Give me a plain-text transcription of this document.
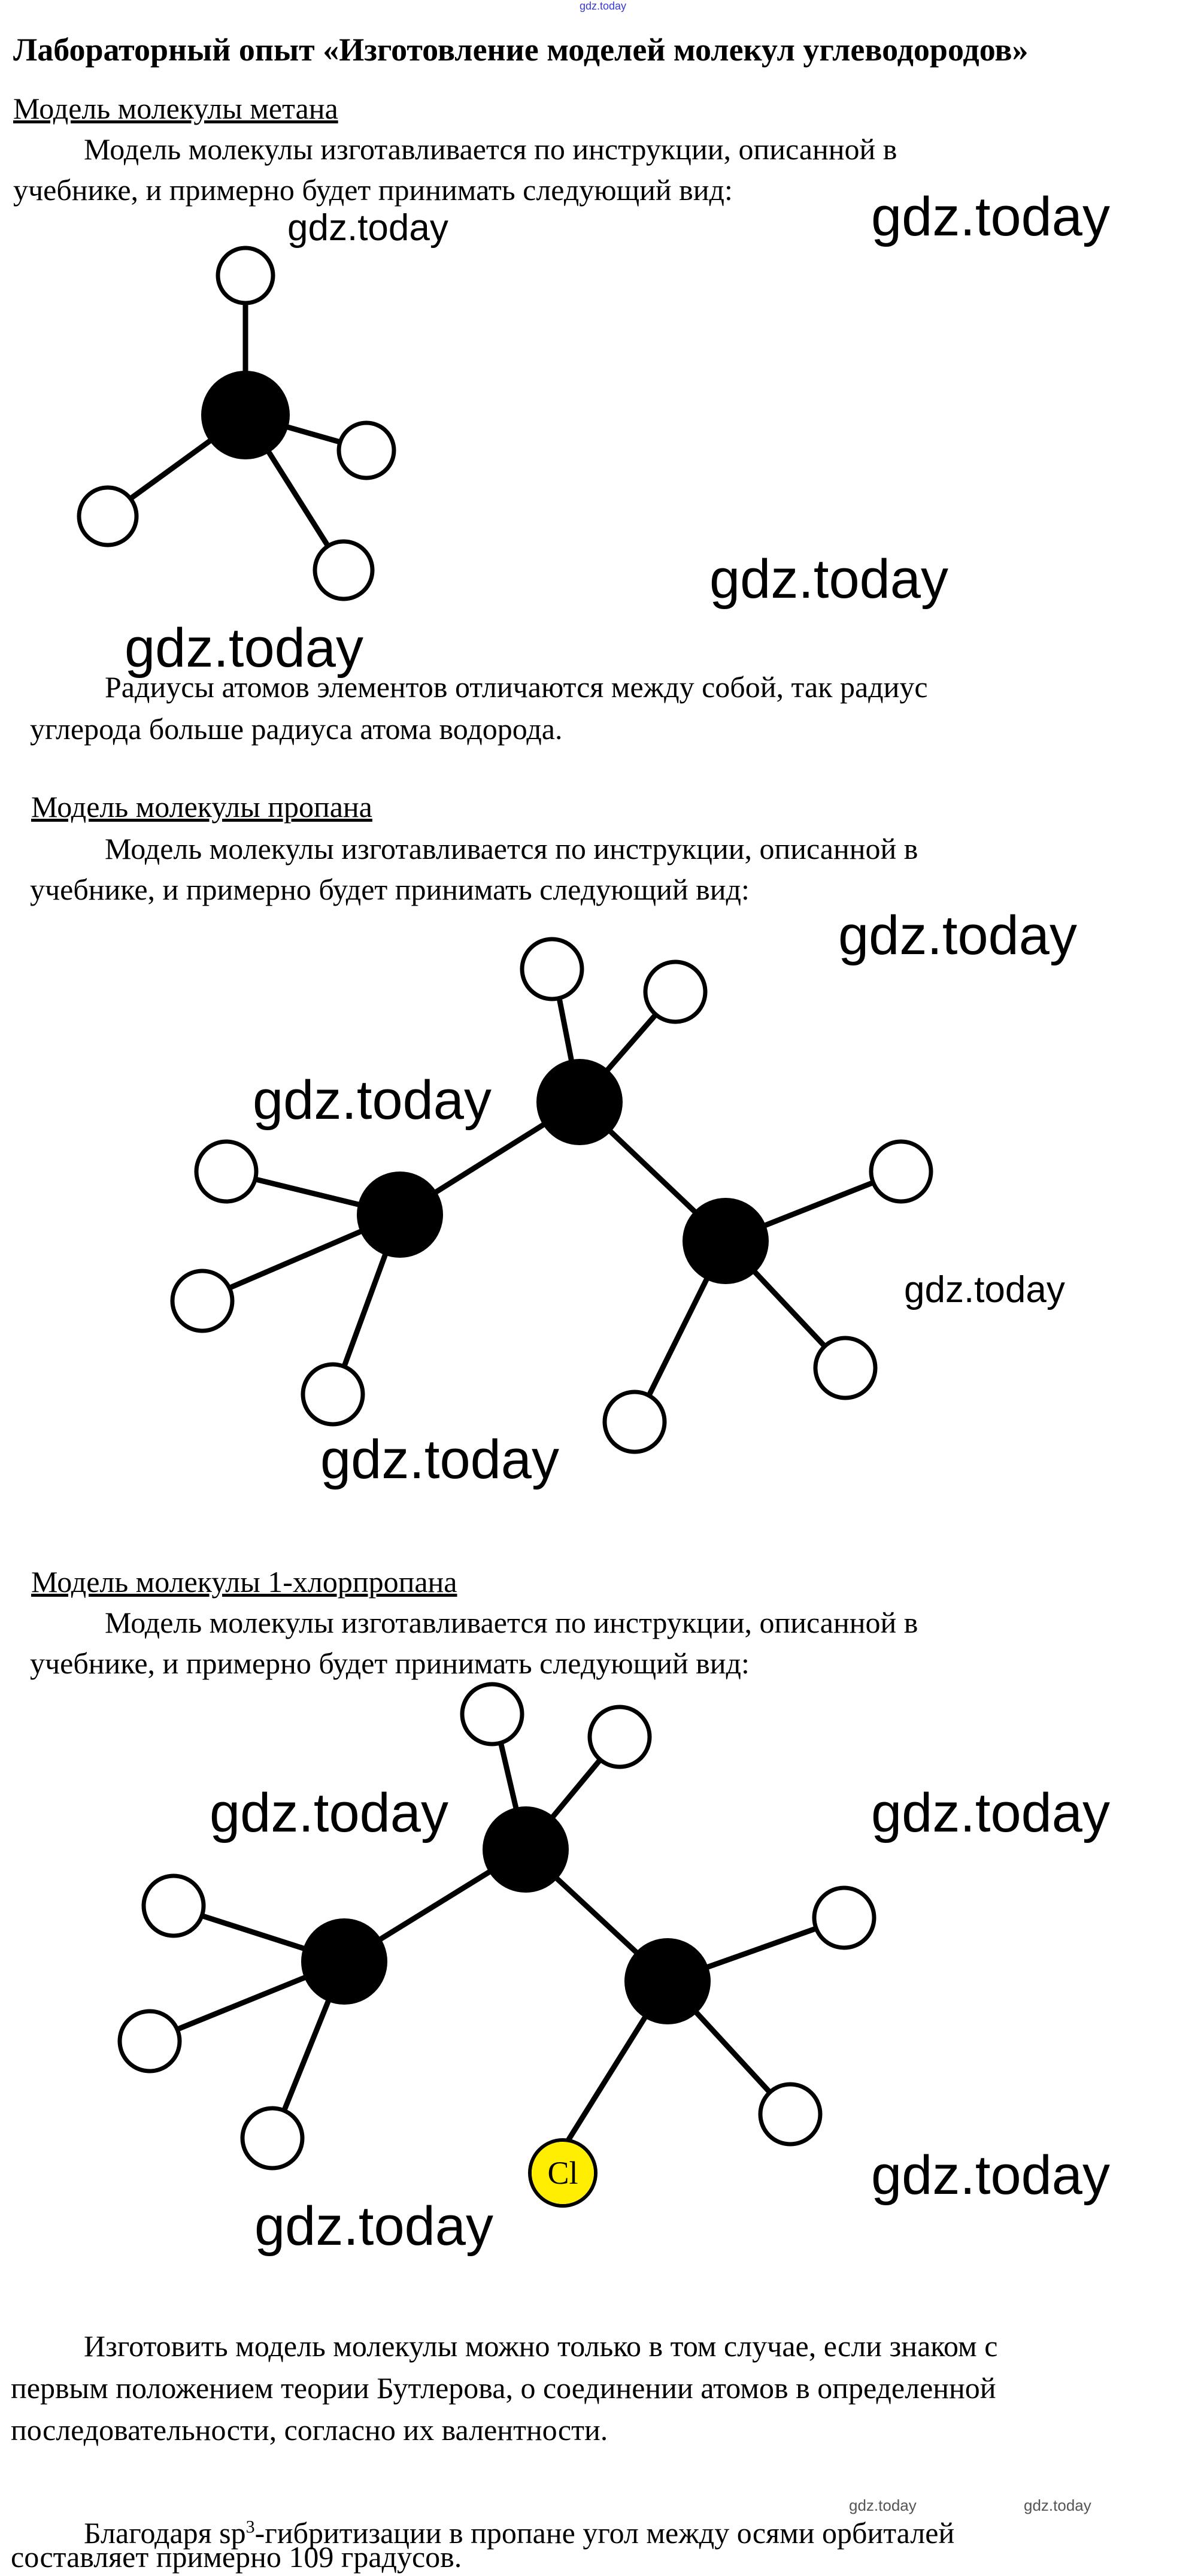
gdz.today
Лабораторный опыт «Изготовление моделей молекул углеводородов»
Модель молекулы метана
Модель молекулы изготавливается по инструкции, описанной в
учебнике, и примерно будет принимать следующий вид:
gdz.today	gdz.today
gdz.today
gdz.today
Радиусы атомов элементов отличаются между собой, так радиус
углерода больше радиуса атома водорода.
Модель молекулы пропана
Модель молекулы изготавливается по инструкции, описанной в
учебнике, и примерно будет принимать следующий вид:
gdz.today
gdz.today
gdz.today
gdz.today
Модель молекулы 1-хлорпропана
Модель молекулы изготавливается по инструкции, описанной в
учебнике, и примерно будет принимать следующий вид:
Cl
gdz.today	gdz.today
gdz.today
gdz.today
Изготовить модель молекулы можно только в том случае, если знаком с
первым положением теории Бутлерова, о соединении атомов в определенной
последовательности, согласно их валентности.
gdz.today	gdz.today
Благодаря $sp^3$-гибритизации в пропане угол между осями орбиталей
составляет примерно 109 градусов.
